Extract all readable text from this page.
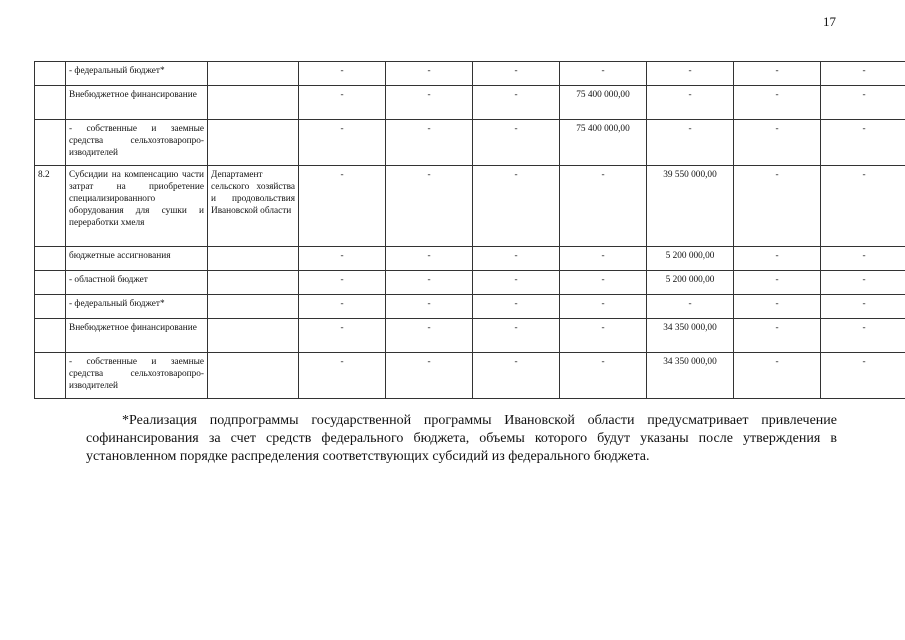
17
	- федеральный бюджет*		-	-	-	-	-	-	-
	Внебюджетное финансирование		-	-	-	75 400 000,00	-	-	-
	- собственные и заемные средства сельхозтоваропро-изводителей		-	-	-	75 400 000,00	-	-	-
8.2	Субсидии на компенсацию части затрат на приобретение специализированного оборудования для сушки и переработки хмеля	Департамент сельского хозяйства и продовольствия Ивановской области	-	-	-	-	39 550 000,00	-	-
	бюджетные ассигнования		-	-	-	-	5 200 000,00	-	-
	- областной бюджет		-	-	-	-	5 200 000,00	-	-
	- федеральный бюджет*		-	-	-	-	-	-	-
	Внебюджетное финансирование		-	-	-	-	34 350 000,00	-	-
	- собственные и заемные средства сельхозтоваропро-изводителей		-	-	-	-	34 350 000,00	-	-
*Реализация подпрограммы государственной программы Ивановской области предусматривает привлечение софинансирования за счет средств федерального бюджета, объемы которого будут указаны после утверждения в установленном порядке распределения соответствующих субсидий из федерального бюджета.
